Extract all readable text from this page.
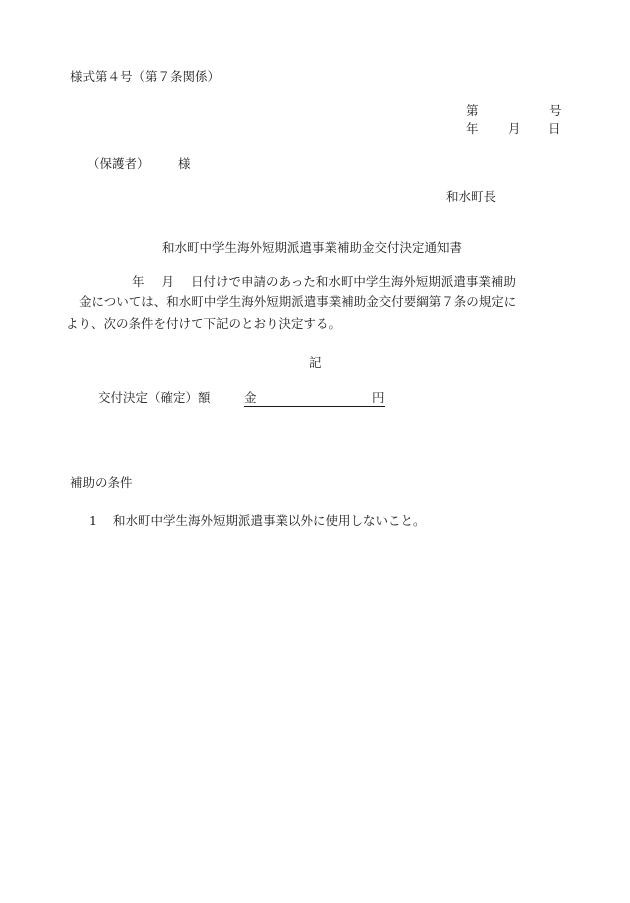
様式第４号（第７条関係）
第	号
年 月 日
（保護者） 様
和水町長
和水町中学生海外短期派遣事業補助金交付決定通知書
年 月 日付けで申請のあった和水町中学生海外短期派遣事業補助
金については、和水町中学生海外短期派遣事業補助金交付要綱第７条の規定に
より、次の条件を付けて下記のとおり決定する。
記
交付決定（確定）額	金	円
補助の条件
1 和水町中学生海外短期派遣事業以外に使用しないこと。
